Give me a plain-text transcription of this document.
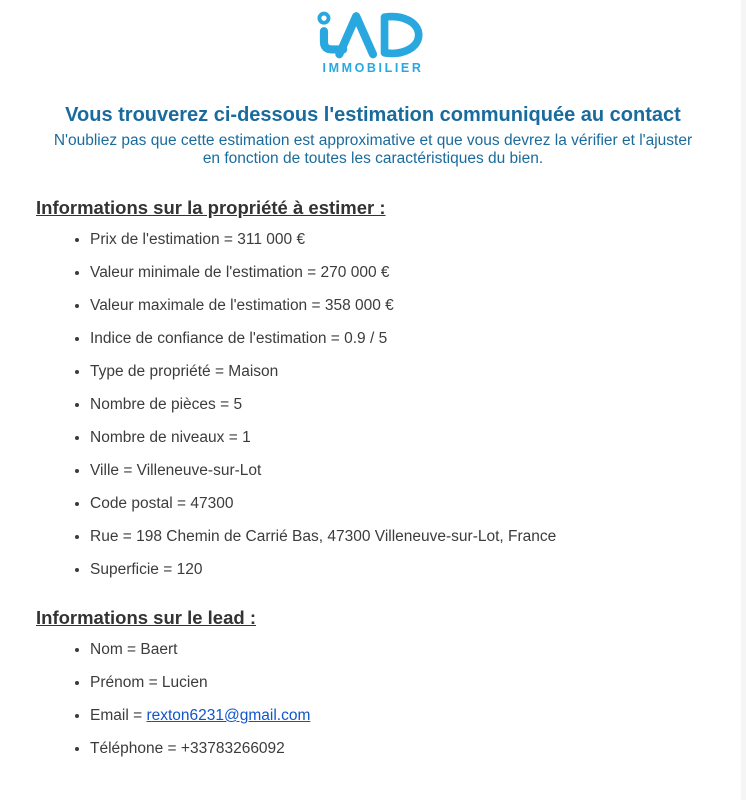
IMMOBILIER
Vous trouverez ci-dessous l'estimation communiquée au contact

N'oubliez pas que cette estimation est approximative et que vous devrez la vérifier et l'ajuster
en fonction de toutes les caractéristiques du bien.

Informations sur la propriété à estimer :
• Prix de l'estimation = 311 000 €
• Valeur minimale de l'estimation = 270 000 €
• Valeur maximale de l'estimation = 358 000 €
• Indice de confiance de l'estimation = 0.9 / 5
• Type de propriété = Maison
• Nombre de pièces = 5
• Nombre de niveaux = 1
• Ville = Villeneuve-sur-Lot
• Code postal = 47300
• Rue = 198 Chemin de Carrié Bas, 47300 Villeneuve-sur-Lot, France
• Superficie = 120
Informations sur le lead :
• Nom = Baert
• Prénom = Lucien
• Email = rexton6231@gmail.com
• Téléphone = +33783266092
